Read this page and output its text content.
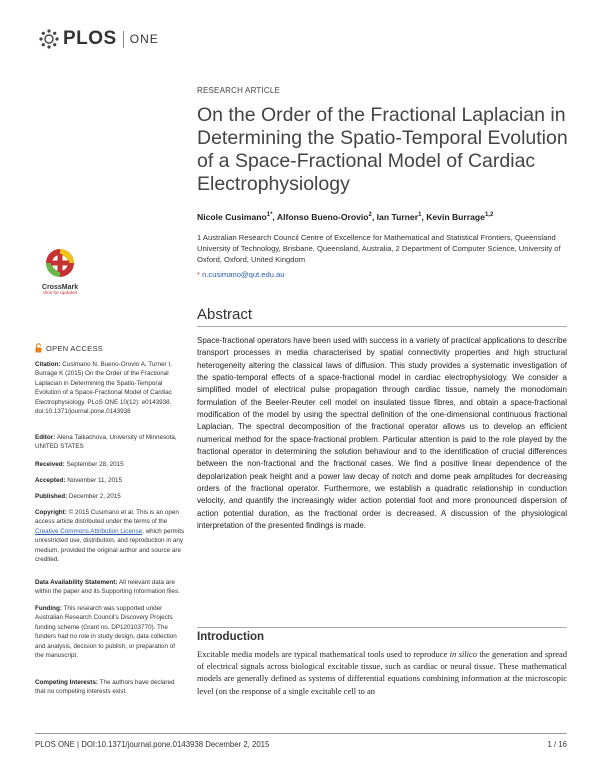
PLOS ONE
RESEARCH ARTICLE
On the Order of the Fractional Laplacian in Determining the Spatio-Temporal Evolution of a Space-Fractional Model of Cardiac Electrophysiology
Nicole Cusimano$^{1*}$, Alfonso Bueno-Orovio$^2$, Ian Turner$^1$, Kevin Burrage$^{1,2}$
1 Australian Research Council Centre of Excellence for Mathematical and Statistical Frontiers, Queensland University of Technology, Brisbane, Queensland, Australia, 2 Department of Computer Science, University of Oxford, Oxford, United Kingdom
* n.cusimano@qut.edu.au
CrossMark
click for updates
Abstract
Space-fractional operators have been used with success in a variety of practical applications to describe transport processes in media characterised by spatial connectivity properties and high structural heterogeneity altering the classical laws of diffusion. This study provides a systematic investigation of the spatio-temporal effects of a space-fractional model in cardiac electrophysiology. We consider a simplified model of electrical pulse propagation through cardiac tissue, namely the monodomain formulation of the Beeler-Reuter cell model on insulated tissue fibres, and obtain a space-fractional modification of the model by using the spectral definition of the one-dimensional continuous fractional Laplacian. The spectral decomposition of the fractional operator allows us to develop an efficient numerical method for the space-fractional problem. Particular attention is paid to the role played by the fractional operator in determining the solution behaviour and to the identification of crucial differences between the non-fractional and the fractional cases. We find a positive linear dependence of the depolarization peak height and a power law decay of notch and dome peak amplitudes for decreasing orders of the fractional operator. Furthermore, we establish a quadratic relationship in conduction velocity, and quantify the increasingly wider action potential foot and more pronounced dispersion of action potential duration, as the fractional order is decreased. A discussion of the physiological interpretation of the presented findings is made.
OPEN ACCESS
Citation: Cusimano N, Bueno-Orovio A, Turner I, Burrage K (2015) On the Order of the Fractional Laplacian in Determining the Spatio-Temporal Evolution of a Space-Fractional Model of Cardiac Electrophysiology. PLoS ONE 10(12): e0143938. doi:10.1371/journal.pone.0143938
Editor: Alena Talkachova, University of Minnesota, UNITED STATES
Received: September 28, 2015
Accepted: November 11, 2015
Published: December 2, 2015
Copyright: © 2015 Cusimano et al. This is an open access article distributed under the terms of the Creative Commons Attribution License, which permits unrestricted use, distribution, and reproduction in any medium, provided the original author and source are credited.
Data Availability Statement: All relevant data are within the paper and its Supporting Information files.
Funding: This research was supported under Australian Research Council's Discovery Projects funding scheme (Grant no. DP120103770). The funders had no role in study design, data collection and analysis, decision to publish, or preparation of the manuscript.
Competing Interests: The authors have declared that no competing interests exist.
Introduction
Excitable media models are typical mathematical tools used to reproduce in silico the generation and spread of electrical signals across biological excitable tissue, such as cardiac or neural tissue. These mathematical models are generally defined as systems of differential equations combining information at the microscopic level (on the response of a single excitable cell to an
PLOS ONE | DOI:10.1371/journal.pone.0143938 December 2, 2015	1 / 16
